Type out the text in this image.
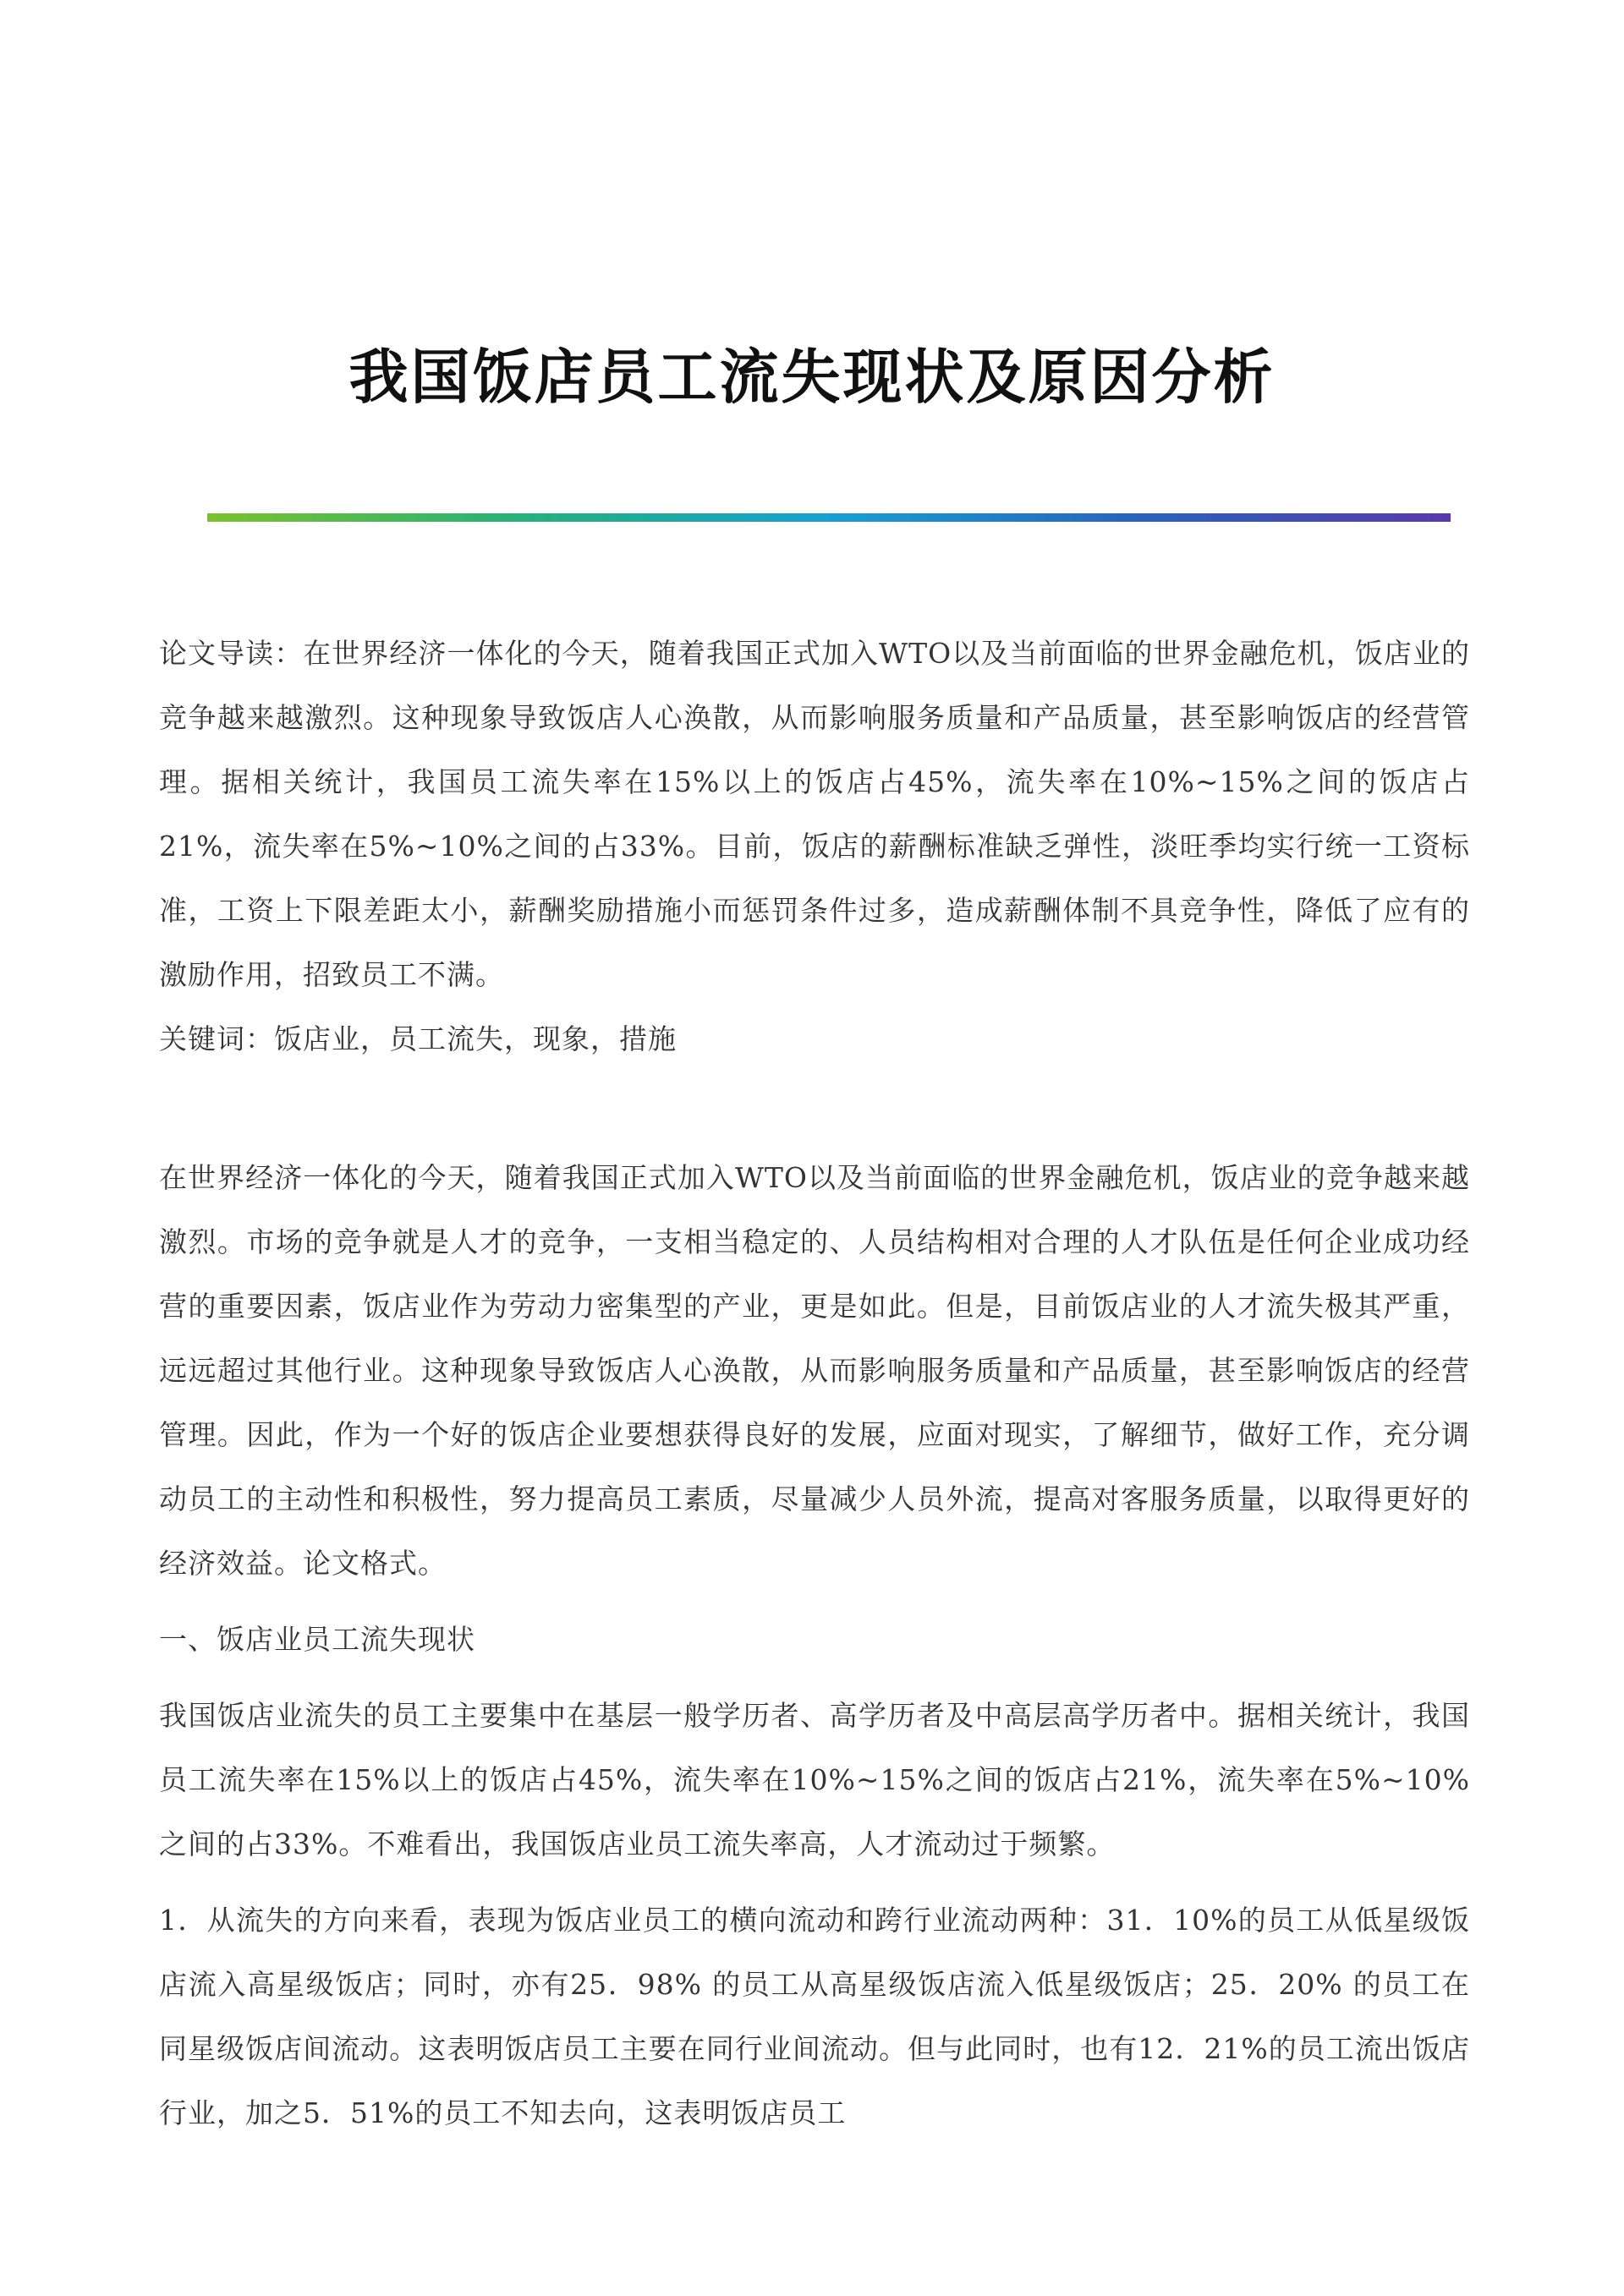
我国饭店员工流失现状及原因分析

论文导读：在世界经济一体化的今天，随着我国正式加入WTO以及当前面临的世界金融危机，饭店业的竞争越来越激烈。这种现象导致饭店人心涣散，从而影响服务质量和产品质量，甚至影响饭店的经营管理。据相关统计，我国员工流失率在15%以上的饭店占45%，流失率在10%~15%之间的饭店占21%，流失率在5%~10%之间的占33%。目前，饭店的薪酬标准缺乏弹性，淡旺季均实行统一工资标准，工资上下限差距太小，薪酬奖励措施小而惩罚条件过多，造成薪酬体制不具竞争性，降低了应有的激励作用，招致员工不满。

关键词：饭店业，员工流失，现象，措施

在世界经济一体化的今天，随着我国正式加入WTO以及当前面临的世界金融危机，饭店业的竞争越来越激烈。市场的竞争就是人才的竞争，一支相当稳定的、人员结构相对合理的人才队伍是任何企业成功经营的重要因素，饭店业作为劳动力密集型的产业，更是如此。但是，目前饭店业的人才流失极其严重，远远超过其他行业。这种现象导致饭店人心涣散，从而影响服务质量和产品质量，甚至影响饭店的经营管理。因此，作为一个好的饭店企业要想获得良好的发展，应面对现实，了解细节，做好工作，充分调动员工的主动性和积极性，努力提高员工素质，尽量减少人员外流，提高对客服务质量，以取得更好的经济效益。论文格式。

一、饭店业员工流失现状

我国饭店业流失的员工主要集中在基层一般学历者、高学历者及中高层高学历者中。据相关统计，我国员工流失率在15%以上的饭店占45%，流失率在10%~15%之间的饭店占21%，流失率在5%~10%之间的占33%。不难看出，我国饭店业员工流失率高，人才流动过于频繁。

1．从流失的方向来看，表现为饭店业员工的横向流动和跨行业流动两种：31．10%的员工从低星级饭店流入高星级饭店；同时，亦有25．98% 的员工从高星级饭店流入低星级饭店；25．20% 的员工在同星级饭店间流动。这表明饭店员工主要在同行业间流动。但与此同时，也有12．21%的员工流出饭店行业，加之5．51%的员工不知去向，这表明饭店员工
